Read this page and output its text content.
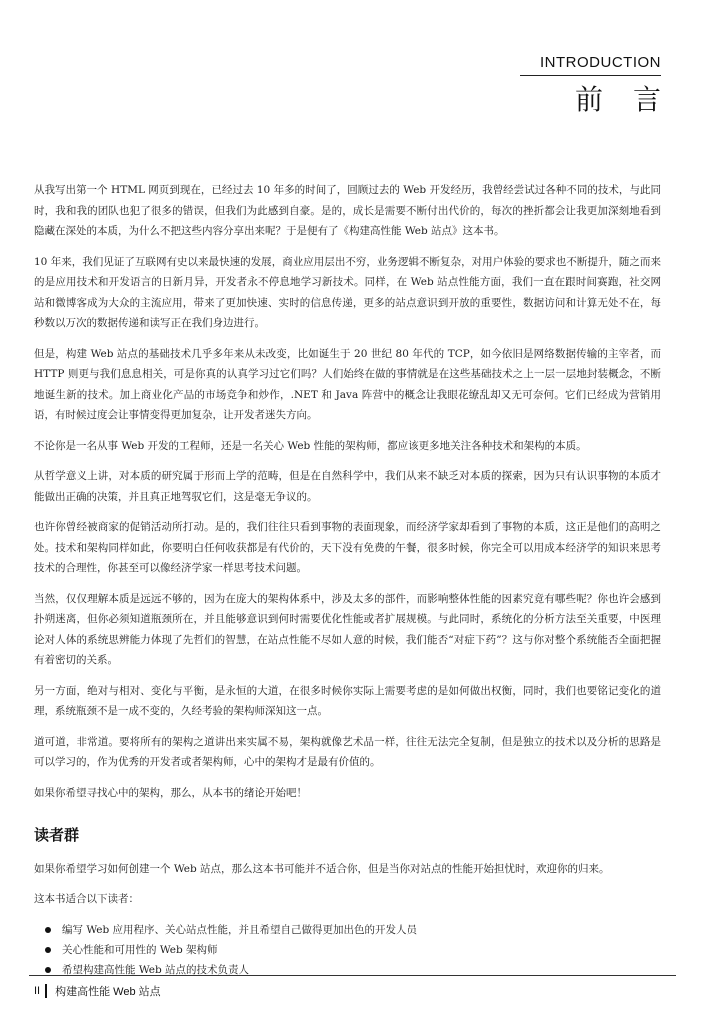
INTRODUCTION
前言

从我写出第一个 HTML 网页到现在，已经过去 10 年多的时间了，回顾过去的 Web 开发经历，我曾经尝试过各种不同的技术，与此同时，我和我的团队也犯了很多的错误，但我们为此感到自豪。是的，成长是需要不断付出代价的，每次的挫折都会让我更加深刻地看到隐藏在深处的本质，为什么不把这些内容分享出来呢？于是便有了《构建高性能 Web 站点》这本书。

10 年来，我们见证了互联网有史以来最快速的发展，商业应用层出不穷，业务逻辑不断复杂，对用户体验的要求也不断提升，随之而来的是应用技术和开发语言的日新月异，开发者永不停息地学习新技术。同样，在 Web 站点性能方面，我们一直在跟时间赛跑，社交网站和微博客成为大众的主流应用，带来了更加快速、实时的信息传递，更多的站点意识到开放的重要性，数据访问和计算无处不在，每秒数以万次的数据传递和读写正在我们身边进行。

但是，构建 Web 站点的基础技术几乎多年来从未改变，比如诞生于 20 世纪 80 年代的 TCP，如今依旧是网络数据传输的主宰者，而 HTTP 则更与我们息息相关，可是你真的认真学习过它们吗？人们始终在做的事情就是在这些基础技术之上一层一层地封装概念，不断地诞生新的技术。加上商业化产品的市场竞争和炒作，.NET 和 Java 阵营中的概念让我眼花缭乱却又无可奈何。它们已经成为营销用语，有时候过度会让事情变得更加复杂，让开发者迷失方向。

不论你是一名从事 Web 开发的工程师，还是一名关心 Web 性能的架构师，都应该更多地关注各种技术和架构的本质。

从哲学意义上讲，对本质的研究属于形而上学的范畴，但是在自然科学中，我们从来不缺乏对本质的探索，因为只有认识事物的本质才能做出正确的决策，并且真正地驾驭它们，这是毫无争议的。

也许你曾经被商家的促销活动所打动。是的，我们往往只看到事物的表面现象，而经济学家却看到了事物的本质，这正是他们的高明之处。技术和架构同样如此，你要明白任何收获都是有代价的，天下没有免费的午餐，很多时候，你完全可以用成本经济学的知识来思考技术的合理性，你甚至可以像经济学家一样思考技术问题。

当然，仅仅理解本质是远远不够的，因为在庞大的架构体系中，涉及太多的部件，而影响整体性能的因素究竟有哪些呢？你也许会感到扑朔迷离，但你必须知道瓶颈所在，并且能够意识到何时需要优化性能或者扩展规模。与此同时，系统化的分析方法至关重要，中医理论对人体的系统思辨能力体现了先哲们的智慧，在站点性能不尽如人意的时候，我们能否“对症下药”？这与你对整个系统能否全面把握有着密切的关系。

另一方面，绝对与相对、变化与平衡，是永恒的大道，在很多时候你实际上需要考虑的是如何做出权衡，同时，我们也要铭记变化的道理，系统瓶颈不是一成不变的，久经考验的架构师深知这一点。

道可道，非常道。要将所有的架构之道讲出来实属不易，架构就像艺术品一样，往往无法完全复制，但是独立的技术以及分析的思路是可以学习的，作为优秀的开发者或者架构师，心中的架构才是最有价值的。

如果你希望寻找心中的架构，那么，从本书的绪论开始吧！

读者群

如果你希望学习如何创建一个 Web 站点，那么这本书可能并不适合你，但是当你对站点的性能开始担忧时，欢迎你的归来。

这本书适合以下读者：

编写 Web 应用程序、关心站点性能，并且希望自己做得更加出色的开发人员
关心性能和可用性的 Web 架构师
希望构建高性能 Web 站点的技术负责人
II 构建高性能 Web 站点
